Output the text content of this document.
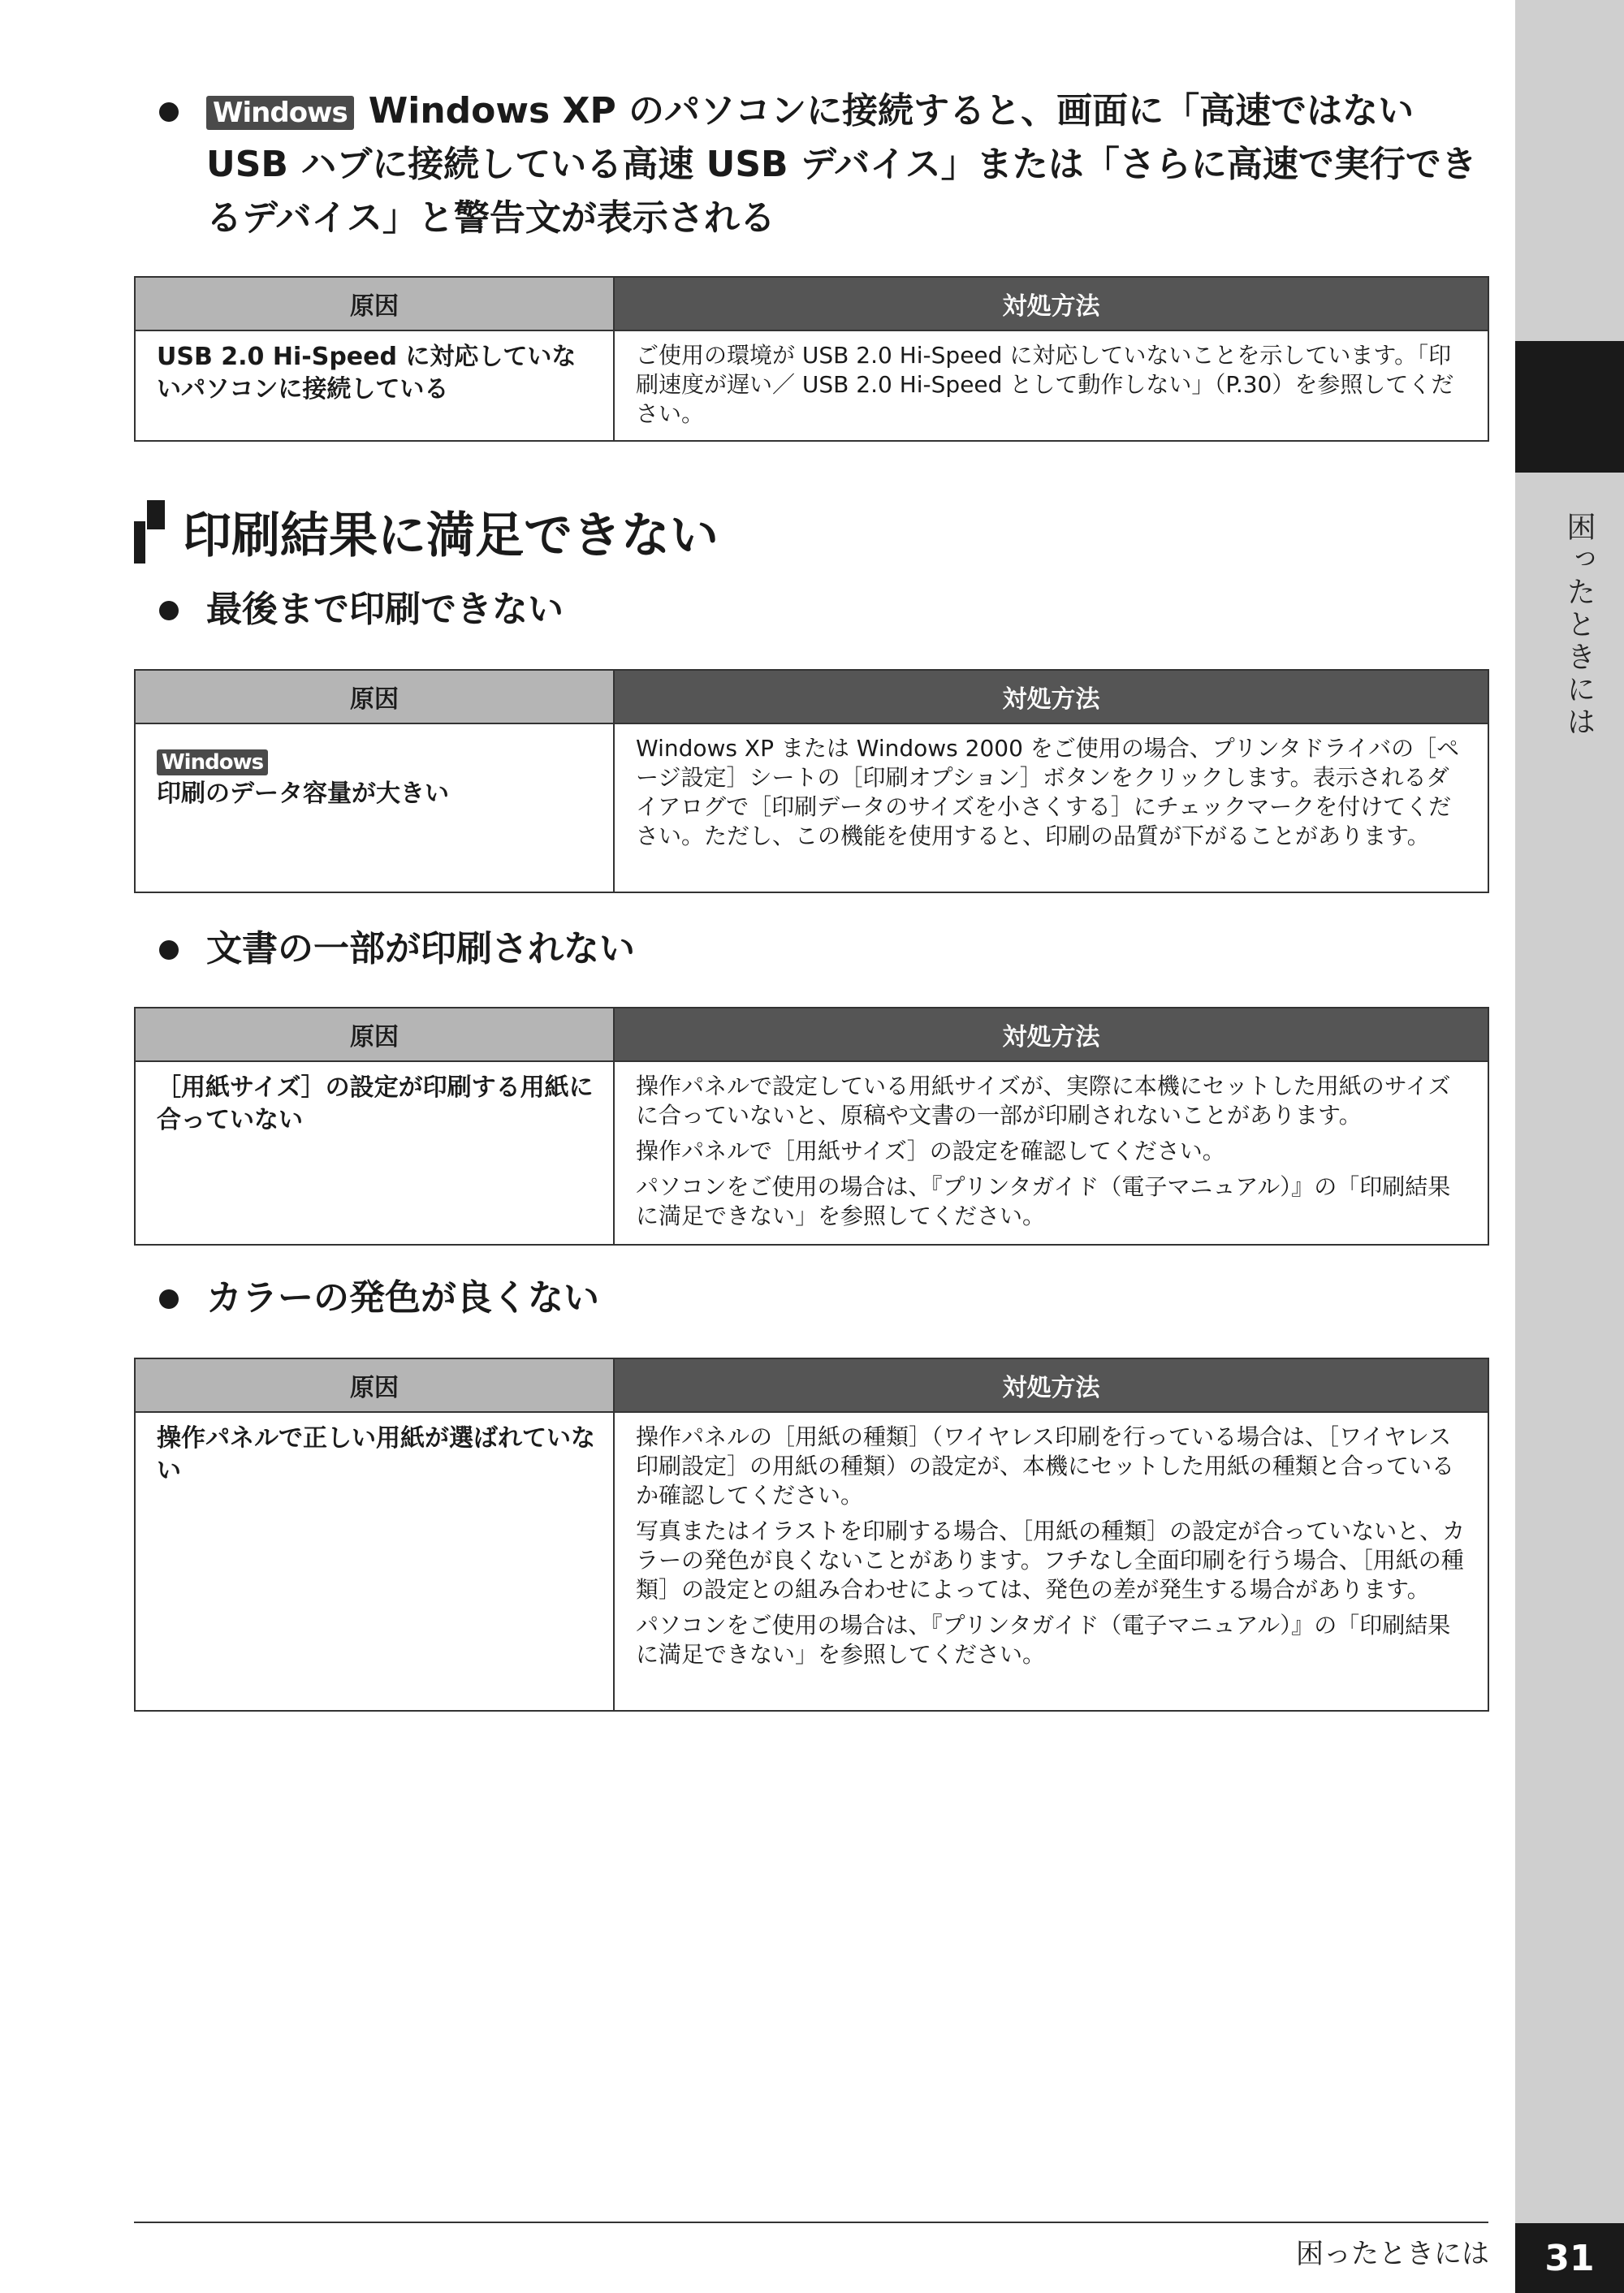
困ったときには
Windows Windows XP のパソコンに接続すると、画面に「高速ではない USB ハブに接続している高速 USB デバイス」または「さらに高速で実行できるデバイス」と警告文が表示される
原因	対処方法
USB 2.0 Hi-Speed に対応していないパソコンに接続している	ご使用の環境が USB 2.0 Hi-Speed に対応していないことを示しています。「印刷速度が遅い／ USB 2.0 Hi-Speed として動作しない」（P.30）を参照してください。

印刷結果に満足できない
最後まで印刷できない
原因	対処方法
Windows
印刷のデータ容量が大きい	Windows XP または Windows 2000 をご使用の場合、プリンタドライバの［ページ設定］シートの［印刷オプション］ボタンをクリックします。表示されるダイアログで［印刷データのサイズを小さくする］にチェックマークを付けてください。ただし、この機能を使用すると、印刷の品質が下がることがあります。

文書の一部が印刷されない
原因	対処方法
［用紙サイズ］の設定が印刷する用紙に合っていない	操作パネルで設定している用紙サイズが、実際に本機にセットした用紙のサイズに合っていないと、原稿や文書の一部が印刷されないことがあります。

操作パネルで［用紙サイズ］の設定を確認してください。

パソコンをご使用の場合は、『プリンタガイド（電子マニュアル）』の「印刷結果に満足できない」を参照してください。

カラーの発色が良くない
原因	対処方法
操作パネルで正しい用紙が選ばれていない	操作パネルの［用紙の種類］（ワイヤレス印刷を行っている場合は、［ワイヤレス印刷設定］の用紙の種類）の設定が、本機にセットした用紙の種類と合っているか確認してください。

写真またはイラストを印刷する場合、［用紙の種類］の設定が合っていないと、カラーの発色が良くないことがあります。フチなし全面印刷を行う場合、［用紙の種類］の設定との組み合わせによっては、発色の差が発生する場合があります。

パソコンをご使用の場合は、『プリンタガイド（電子マニュアル）』の「印刷結果に満足できない」を参照してください。

困ったときには	31
